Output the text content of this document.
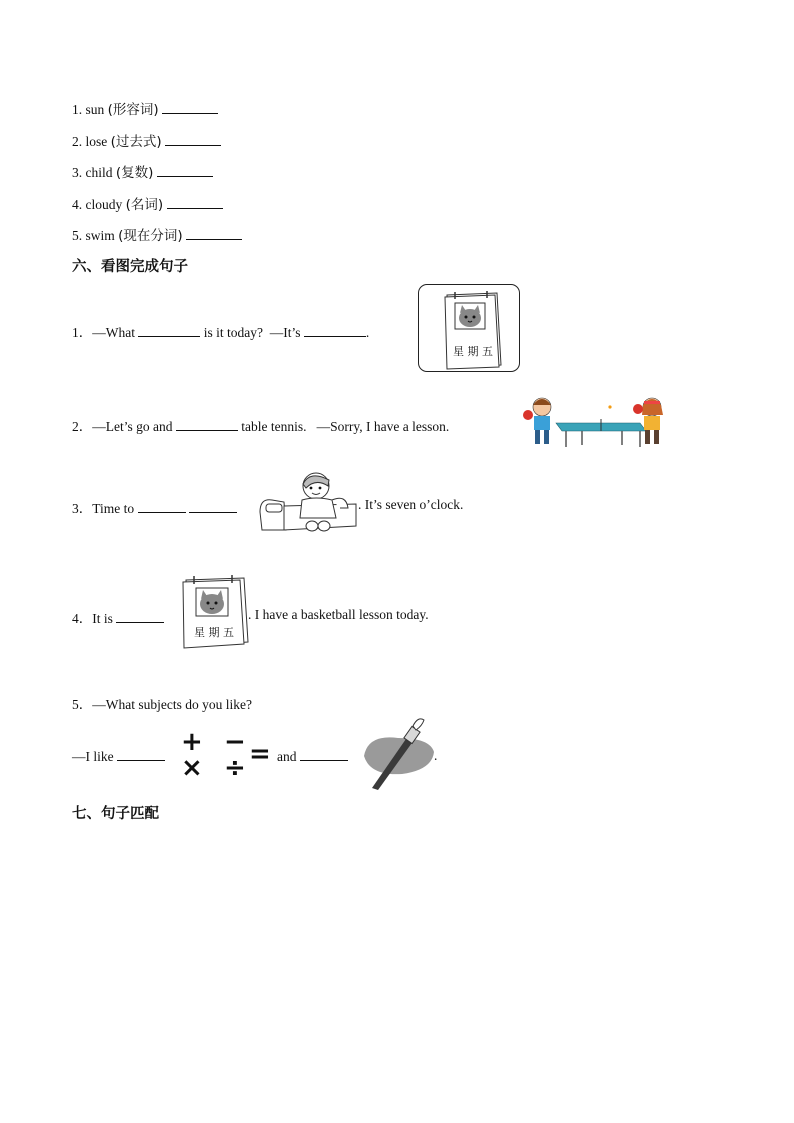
1. sun (形容词)
2. lose (过去式)
3. child (复数)
4. cloudy (名词)
5. swim (现在分词)
六、看图完成句子
1．—What	is it today? —It’s	.
星 期 五
2．—Let’s go and	table tennis. —Sorry, I have a lesson.
3．Time to	. It’s seven o’clock.
4．It is
星 期 五
. I have a basketball lesson today.
5．—What subjects do you like?
—I like	+ −
× ÷ = and	.
七、句子匹配
